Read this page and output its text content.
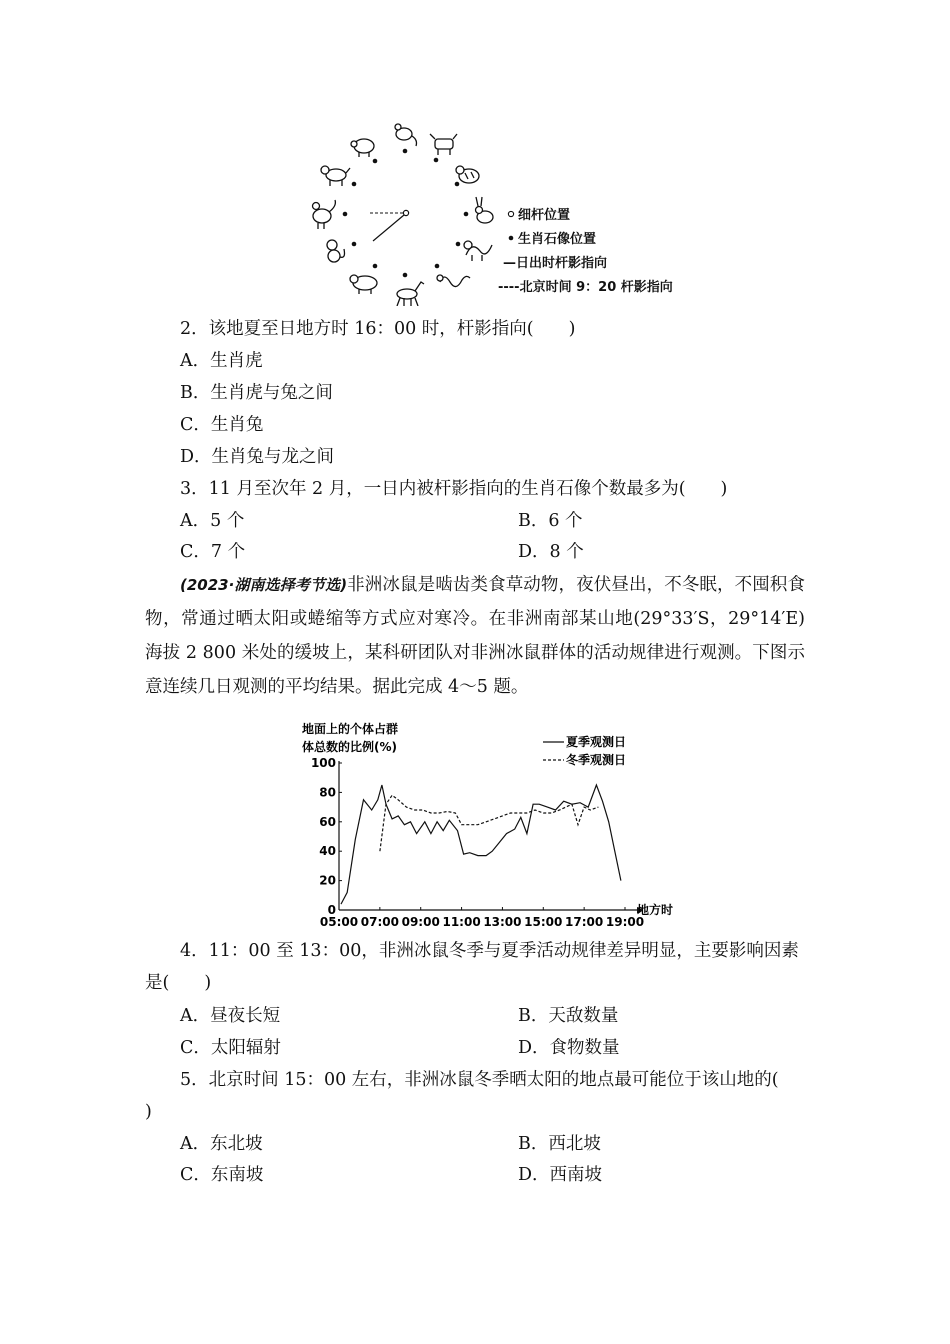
细杆位置
生肖石像位置
—日出时杆影指向
----北京时间 9：20 杆影指向
2．该地夏至日地方时 16：00 时，杆影指向(　　)
A．生肖虎
B．生肖虎与兔之间
C．生肖兔
D．生肖兔与龙之间
3．11 月至次年 2 月，一日内被杆影指向的生肖石像个数最多为(　　)
A．5 个	B．6 个
C．7 个	D．8 个
(2023·湖南选择考节选)非洲冰鼠是啮齿类食草动物，夜伏昼出，不冬眠，不囤积食物，常通过晒太阳或蜷缩等方式应对寒冷。在非洲南部某山地(29°33′S，29°14′E)海拔 2 800 米处的缓坡上，某科研团队对非洲冰鼠群体的活动规律进行观测。下图示意连续几日观测的平均结果。据此完成 4～5 题。
地面上的个体占群
体总数的比例(%)	夏季观测日
冬季观测日
05:00 07:00 09:00 11:00 13:00 15:00 17:00 19:00
0
20
40
60
80
100
地方时
4．11：00 至 13：00，非洲冰鼠冬季与夏季活动规律差异明显，主要影响因素
是(　　)
A．昼夜长短	B．天敌数量
C．太阳辐射	D．食物数量
5．北京时间 15：00 左右，非洲冰鼠冬季晒太阳的地点最可能位于该山地的(
)
A．东北坡	B．西北坡
C．东南坡	D．西南坡
